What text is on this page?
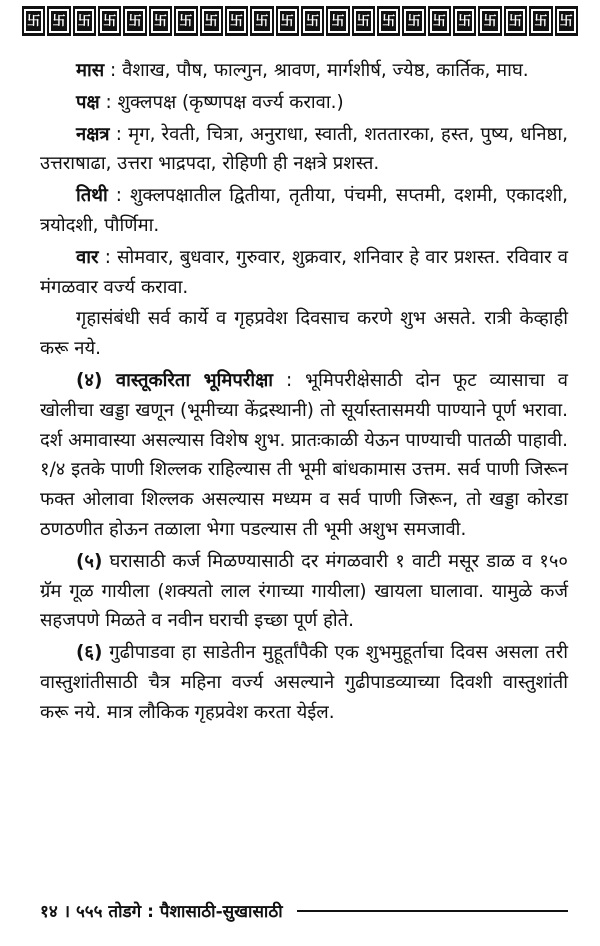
卐 卐 卐 卐 卐 卐 卐 卐 卐 卐 卐 卐 卐 卐 卐 卐 卐 卐 卐 卐 卐 卐

मास : वैशाख, पौष, फाल्गुन, श्रावण, मार्गशीर्ष, ज्येष्ठ, कार्तिक, माघ.

पक्ष : शुक्लपक्ष (कृष्णपक्ष वर्ज्य करावा.)

नक्षत्र : मृग, रेवती, चित्रा, अनुराधा, स्वाती, शततारका, हस्त, पुष्य, धनिष्ठा, उत्तराषाढा, उत्तरा भाद्रपदा, रोहिणी ही नक्षत्रे प्रशस्त.

तिथी : शुक्लपक्षातील द्वितीया, तृतीया, पंचमी, सप्तमी, दशमी, एकादशी, त्रयोदशी, पौर्णिमा.

वार : सोमवार, बुधवार, गुरुवार, शुक्रवार, शनिवार हे वार प्रशस्त. रविवार व मंगळवार वर्ज्य करावा.

गृहासंबंधी सर्व कार्ये व गृहप्रवेश दिवसाच करणे शुभ असते. रात्री केव्हाही करू नये.

(४) वास्तूकरिता भूमिपरीक्षा : भूमिपरीक्षेसाठी दोन फूट व्यासाचा व खोलीचा खड्डा खणून (भूमीच्या केंद्रस्थानी) तो सूर्यास्तासमयी पाण्याने पूर्ण भरावा. दर्श अमावास्या असल्यास विशेष शुभ. प्रातःकाळी येऊन पाण्याची पातळी पाहावी. १/४ इतके पाणी शिल्लक राहिल्यास ती भूमी बांधकामास उत्तम. सर्व पाणी जिरून फक्त ओलावा शिल्लक असल्यास मध्यम व सर्व पाणी जिरून, तो खड्डा कोरडा ठणठणीत होऊन तळाला भेगा पडल्यास ती भूमी अशुभ समजावी.

(५) घरासाठी कर्ज मिळण्यासाठी दर मंगळवारी १ वाटी मसूर डाळ व १५० ग्रॅम गूळ गायीला (शक्यतो लाल रंगाच्या गायीला) खायला घालावा. यामुळे कर्ज सहजपणे मिळते व नवीन घराची इच्छा पूर्ण होते.

(६) गुढीपाडवा हा साडेतीन मुहूर्तांपैकी एक शुभमुहूर्ताचा दिवस असला तरी वास्तुशांतीसाठी चैत्र महिना वर्ज्य असल्याने गुढीपाडव्याच्या दिवशी वास्तुशांती करू नये. मात्र लौकिक गृहप्रवेश करता येईल.

१४ । ५५५ तोडगे : पैशासाठी-सुखासाठी
